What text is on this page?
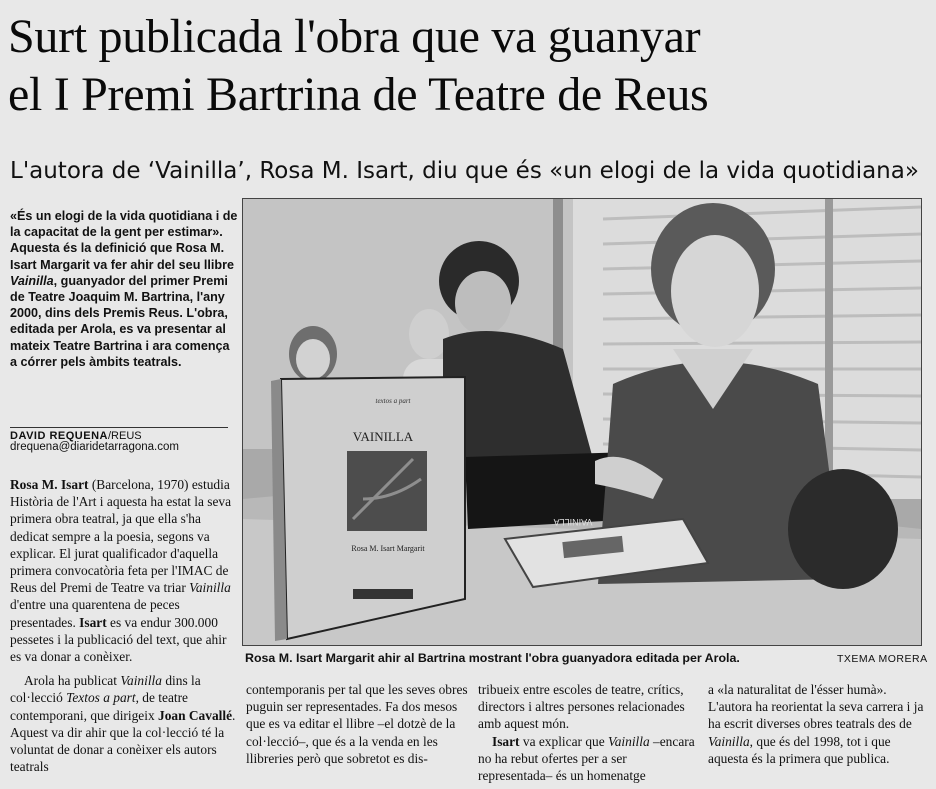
Surt publicada l'obra que va guanyar
el I Premi Bartrina de Teatre de Reus
L'autora de ‘Vainilla’, Rosa M. Isart, diu que és «un elogi de la vida quotidiana»
«És un elogi de la vida quotidiana i de la capacitat de la gent per estimar». Aquesta és la definició que Rosa M. Isart Margarit va fer ahir del seu llibre Vainilla, guanyador del primer Premi de Teatre Joaquim M. Bartrina, l'any 2000, dins dels Premis Reus. L'obra, editada per Arola, es va presentar al mateix Teatre Bartrina i ara comença a córrer pels àmbits teatrals.
DAVID REQUENA/REUS
drequena@diaridetarragona.com

Rosa M. Isart (Barcelona, 1970) estudia Història de l'Art i aquesta ha estat la seva primera obra teatral, ja que ella s'ha dedicat sempre a la poesia, segons va explicar. El jurat qualificador d'aquella primera convocatòria feta per l'IMAC de Reus del Premi de Teatre va triar Vainilla d'entre una quarentena de peces presentades. Isart es va endur 300.000 pessetes i la publicació del text, que ahir es va donar a conèixer.

Arola ha publicat Vainilla dins la col·lecció Textos a part, de teatre contemporani, que dirigeix Joan Cavallé. Aquest va dir ahir que la col·lecció té la voluntat de donar a conèixer els autors teatrals

VAINILLA
Rosa M. Isart Margarit
textos a part
VAINILLA
Rosa M. Isart Margarit ahir al Bartrina mostrant l'obra guanyadora editada per Arola.	TXEMA MORERA

contemporanis per tal que les seves obres puguin ser representades. Fa dos mesos que es va editar el llibre –el dotzè de la col·lecció–, que és a la venda en les llibreries però que sobretot es dis-

tribueix entre escoles de teatre, crítics, directors i altres persones relacionades amb aquest món.

Isart va explicar que Vainilla –encara no ha rebut ofertes per a ser representada– és un homenatge

a «la naturalitat de l'ésser humà». L'autora ha reorientat la seva carrera i ja ha escrit diverses obres teatrals des de Vainilla, que és del 1998, tot i que aquesta és la primera que publica.
